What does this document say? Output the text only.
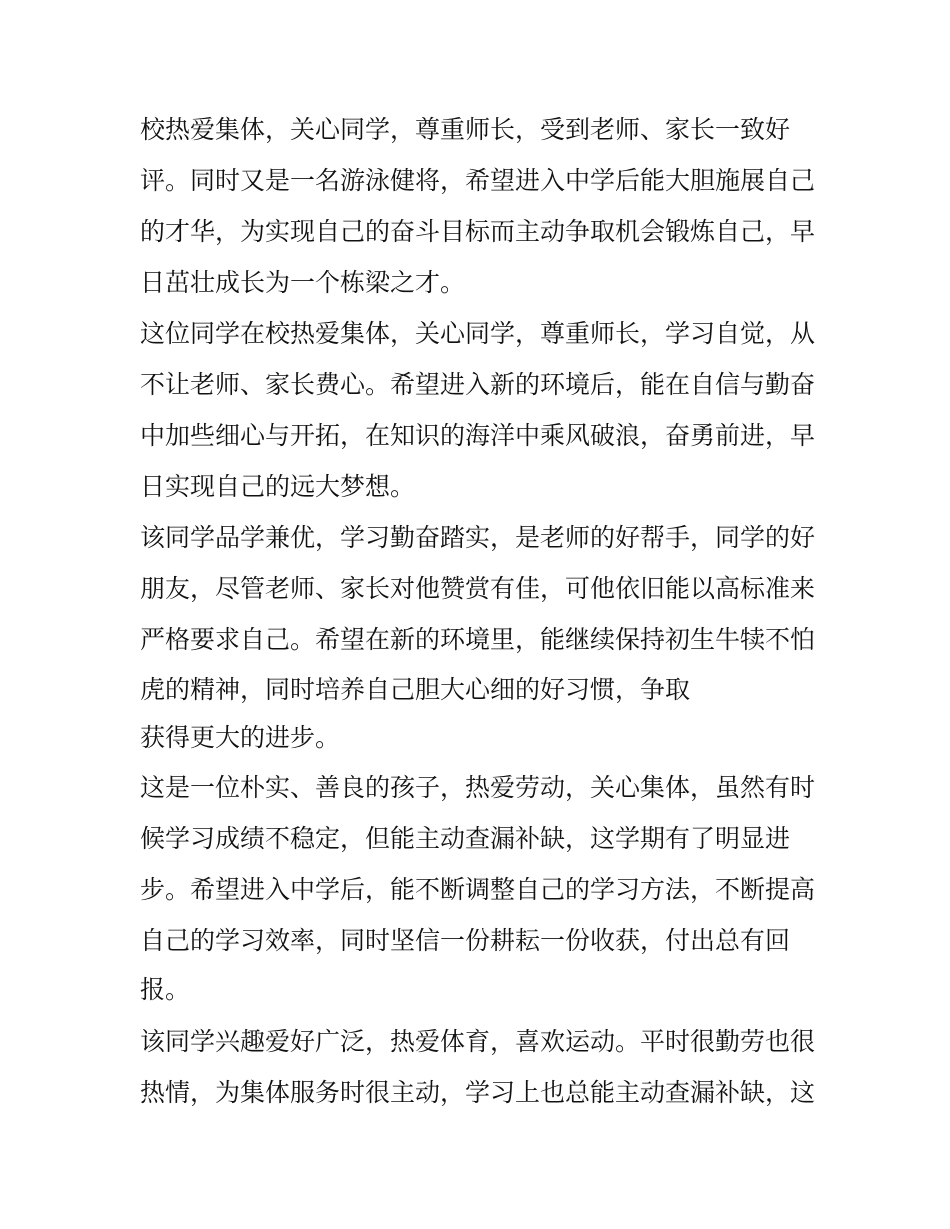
校热爱集体，关心同学，尊重师长，受到老师、家长一致好
评。同时又是一名游泳健将，希望进入中学后能大胆施展自己
的才华，为实现自己的奋斗目标而主动争取机会锻炼自己，早
日茁壮成长为一个栋梁之才。
这位同学在校热爱集体，关心同学，尊重师长，学习自觉，从
不让老师、家长费心。希望进入新的环境后，能在自信与勤奋
中加些细心与开拓，在知识的海洋中乘风破浪，奋勇前进，早
日实现自己的远大梦想。
该同学品学兼优，学习勤奋踏实，是老师的好帮手，同学的好
朋友，尽管老师、家长对他赞赏有佳，可他依旧能以高标准来
严格要求自己。希望在新的环境里，能继续保持初生牛犊不怕
虎的精神，同时培养自己胆大心细的好习惯，争取
获得更大的进步。
这是一位朴实、善良的孩子，热爱劳动，关心集体，虽然有时
候学习成绩不稳定，但能主动查漏补缺，这学期有了明显进
步。希望进入中学后，能不断调整自己的学习方法，不断提高
自己的学习效率，同时坚信一份耕耘一份收获，付出总有回
报。
该同学兴趣爱好广泛，热爱体育，喜欢运动。平时很勤劳也很
热情，为集体服务时很主动，学习上也总能主动查漏补缺，这
